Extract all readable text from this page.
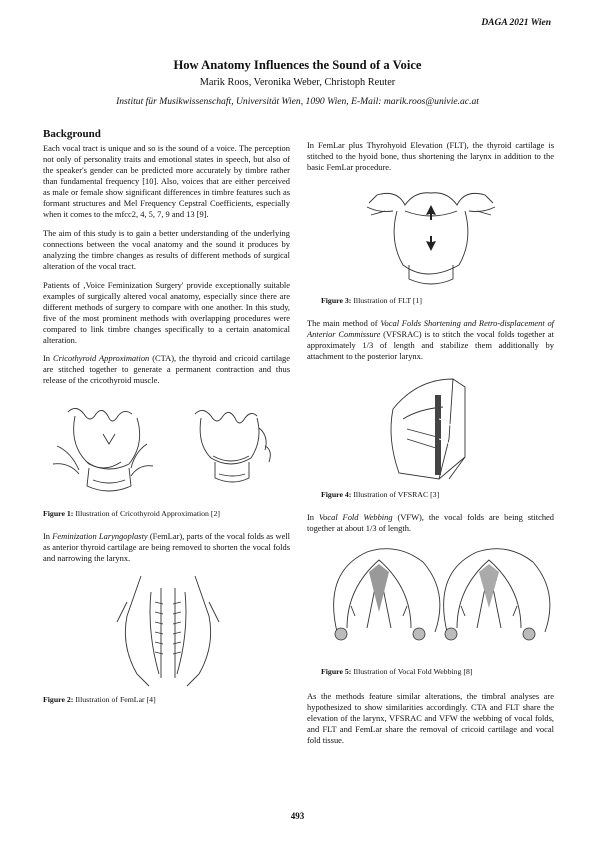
DAGA 2021 Wien
How Anatomy Influences the Sound of a Voice
Marik Roos, Veronika Weber, Christoph Reuter
Institut für Musikwissenschaft, Universität Wien, 1090 Wien, E-Mail: marik.roos@univie.ac.at
Background

Each vocal tract is unique and so is the sound of a voice. The perception not only of personality traits and emotional states in speech, but also of the speaker's gender can be predicted more accurately by timbre rather than fundamental frequency [10]. Also, voices that are either perceived as male or female show significant differences in timbre features such as formant structures and Mel Frequency Cepstral Coefficients, especially when it comes to the mfcc2, 4, 5, 7, 9 and 13 [9].

The aim of this study is to gain a better understanding of the underlying connections between the vocal anatomy and the sound it produces by analyzing the timbre changes as results of different methods of surgical alteration of the vocal tract.

Patients of ‚Voice Feminization Surgery' provide exceptionally suitable examples of surgically altered vocal anatomy, especially since there are different methods of surgery to compare with one another. In this study, five of the most prominent methods with overlapping procedures were compared to link timbre changes specifically to a certain anatomical alteration.

In Cricothyroid Approximation (CTA), the thyroid and cricoid cartilage are stitched together to generate a permanent contraction and thus release of the cricothyroid muscle.

Figure 1: Illustration of Cricothyroid Approximation [2]

In Feminization Laryngoplasty (FemLar), parts of the vocal folds as well as anterior thyroid cartilage are being removed to shorten the vocal folds and narrowing the larynx.

Figure 2: Illustration of FemLar [4]

In FemLar plus Thyrohyoid Elevation (FLT), the thyroid cartilage is stitched to the hyoid bone, thus shortening the larynx in addition to the basic FemLar procedure.

Figure 3: Illustration of FLT [1]

The main method of Vocal Folds Shortening and Retro-displacement of Anterior Commissure (VFSRAC) is to stitch the vocal folds together at approximately 1/3 of length and stabilize them additionally by attachment to the posterior larynx.

Figure 4: Illustration of VFSRAC [3]

In Vocal Fold Webbing (VFW), the vocal folds are being stitched together at about 1/3 of length.

Figure 5: Illustration of Vocal Fold Webbing [8]

As the methods feature similar alterations, the timbral analyses are hypothesized to show similarities accordingly. CTA and FLT share the elevation of the larynx, VFSRAC and VFW the webbing of vocal folds, and FLT and FemLar share the removal of cricoid cartilage and vocal fold tissue.

493
